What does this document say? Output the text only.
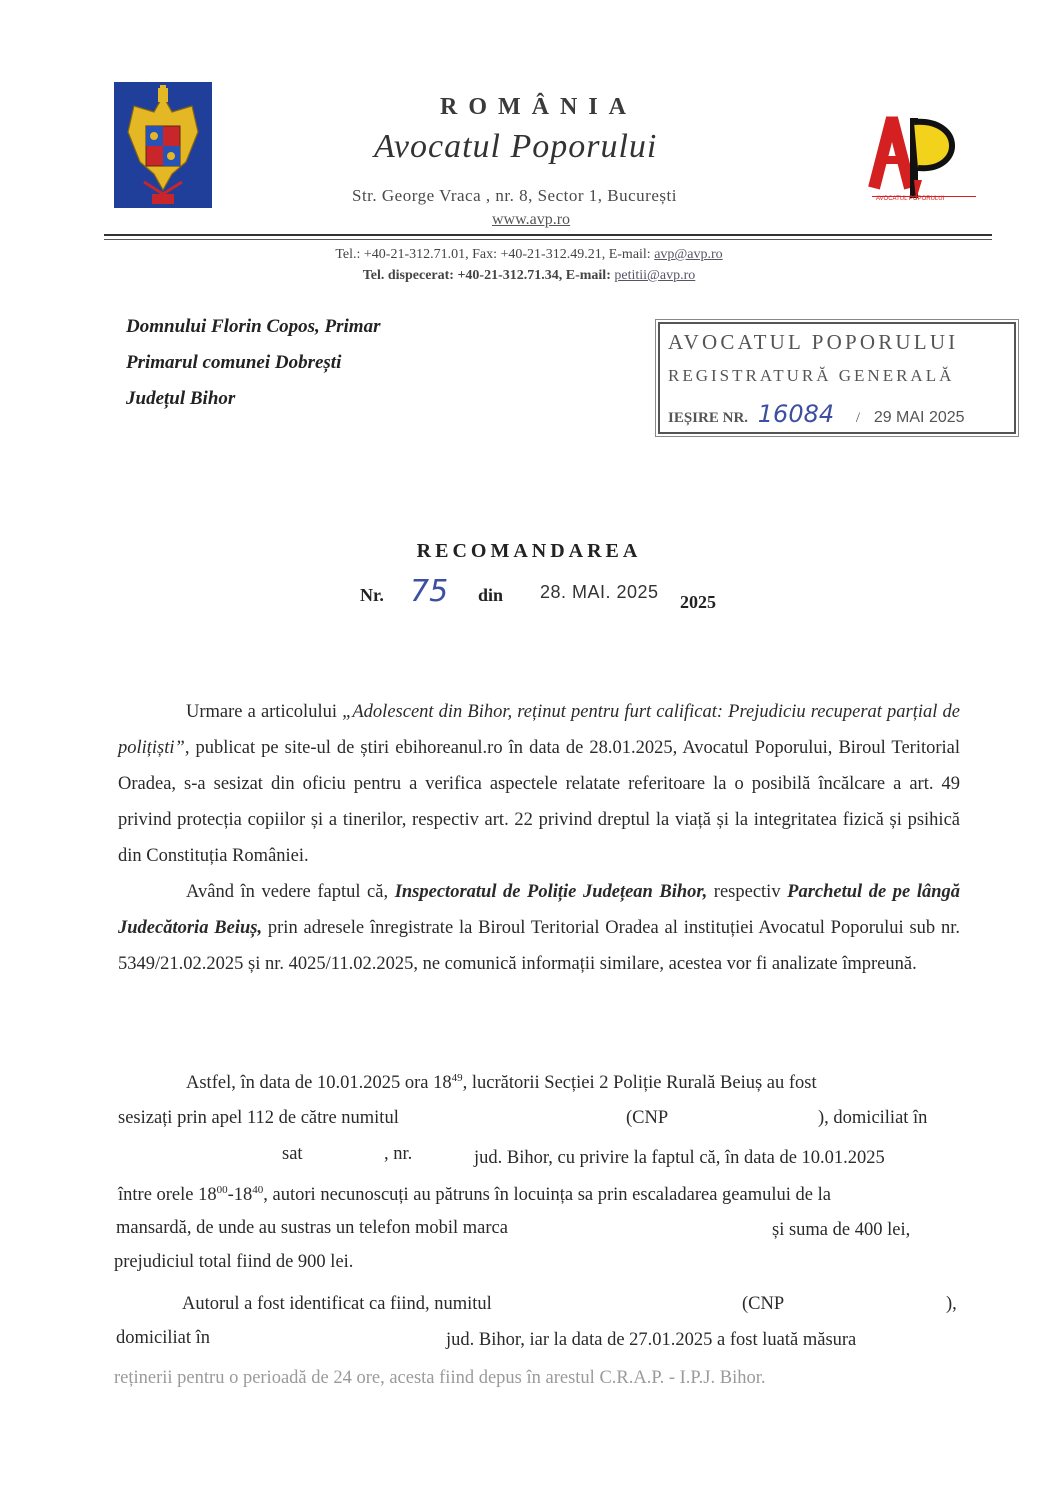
ROMÂNIA
Avocatul Poporului
Str. George Vraca , nr. 8, Sector 1, București
www.avp.ro
AVOCATUL POPORULUI
Tel.: +40-21-312.71.01, Fax: +40-21-312.49.21, E-mail: avp@avp.ro
Tel. dispecerat: +40-21-312.71.34, E-mail: petitii@avp.ro
Domnului Florin Copos, Primar
Primarul comunei Dobrești
Județul Bihor
AVOCATUL POPORULUI
REGISTRATURĂ GENERALĂ
IEȘIRE NR. 16084 / 29 MAI 2025
RECOMANDAREA
Nr. 75 din 28. MAI. 2025 2025

Urmare a articolului „Adolescent din Bihor, reținut pentru furt calificat: Prejudiciu recuperat parțial de polițiști”, publicat pe site-ul de știri ebihoreanul.ro în data de 28.01.2025, Avocatul Poporului, Biroul Teritorial Oradea, s-a sesizat din oficiu pentru a verifica aspectele relatate referitoare la o posibilă încălcare a art. 49 privind protecția copiilor și a tinerilor, respectiv art. 22 privind dreptul la viață și la integritatea fizică și psihică din Constituția României.

Având în vedere faptul că, Inspectoratul de Poliție Județean Bihor, respectiv Parchetul de pe lângă Judecătoria Beiuș, prin adresele înregistrate la Biroul Teritorial Oradea al instituției Avocatul Poporului sub nr. 5349/21.02.2025 și nr. 4025/11.02.2025, ne comunică informații similare, acestea vor fi analizate împreună.

Astfel, în data de 10.01.2025 ora $18^{49}$, lucrătorii Secției 2 Poliție Rurală Beiuș au fost
sesizați prin apel 112 de către numitul	(CNP	), domiciliat în
sat	, nr.	jud. Bihor, cu privire la faptul că, în data de 10.01.2025
între orele $18^{00}-18^{40}$, autori necunoscuți au pătruns în locuința sa prin escaladarea geamului de la
mansardă, de unde au sustras un telefon mobil marca	și suma de 400 lei,
prejudiciul total fiind de 900 lei.
Autorul a fost identificat ca fiind, numitul	(CNP	),
domiciliat în	jud. Bihor, iar la data de 27.01.2025 a fost luată măsura
reținerii pentru o perioadă de 24 ore, acesta fiind depus în arestul C.R.A.P. - I.P.J. Bihor.
